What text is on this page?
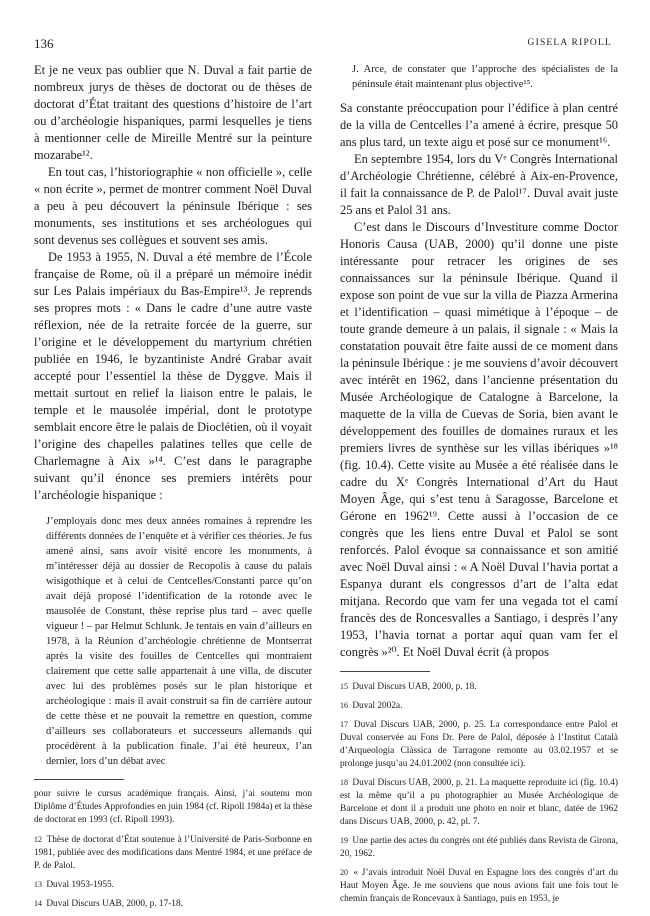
136	GISELA RIPOLL

Et je ne veux pas oublier que N. Duval a fait partie de nombreux jurys de thèses de doctorat ou de thèses de doctorat d’État traitant des questions d’histoire de l’art ou d’archéologie hispaniques, parmi lesquelles je tiens à mentionner celle de Mireille Mentré sur la peinture mozarabe¹².

En tout cas, l’historiographie « non officielle », celle « non écrite », permet de montrer comment Noël Duval a peu à peu découvert la péninsule Ibérique : ses monuments, ses institutions et ses archéologues qui sont devenus ses collègues et souvent ses amis.

De 1953 à 1955, N. Duval a été membre de l’École française de Rome, où il a préparé un mémoire inédit sur Les Palais impériaux du Bas-Empire¹³. Je reprends ses propres mots : « Dans le cadre d’une autre vaste réflexion, née de la retraite forcée de la guerre, sur l’origine et le développement du martyrium chrétien publiée en 1946, le byzantiniste André Grabar avait accepté pour l’essentiel la thèse de Dyggve. Mais il mettait surtout en relief la liaison entre le palais, le temple et le mausolée impérial, dont le prototype semblait encore être le palais de Dioclétien, où il voyait l’origine des chapelles palatines telles que celle de Charlemagne à Aix »¹⁴. C’est dans le paragraphe suivant qu’il énonce ses premiers intérêts pour l’archéologie hispanique :

J’employais donc mes deux années romaines à reprendre les différents données de l’enquête et à vérifier ces théories. Je fus amené ainsi, sans avoir visité encore les monuments, à m’intéresser déjà au dossier de Recopolis à cause du palais wisigothique et à celui de Centcelles/Constanti parce qu’on avait déjà proposé l’identification de la rotonde avec le mausolée de Constant, thèse reprise plus tard – avec quelle vigueur ! – par Helmut Schlunk. Je tentais en vain d’ailleurs en 1978, à la Réunion d’archéologie chrétienne de Montserrat après la visite des fouilles de Centcelles qui montraient clairement que cette salle appartenait à une villa, de discuter avec lui des problèmes posés sur le plan historique et archéologique : mais il avait construit sa fin de carrière autour de cette thèse et ne pouvait la remettre en question, comme d’ailleurs ses collaborateurs et successeurs allemands qui procédèrent à la publication finale. J’ai été heureux, l’an dernier, lors d’un débat avec

pour suivre le cursus académique français. Ainsi, j’ai soutenu mon Diplôme d’Études Approfondies en juin 1984 (cf. Ripoll 1984a) et la thèse de doctorat en 1993 (cf. Ripoll 1993).

12 Thèse de doctorat d’État soutenue à l’Université de Paris-Sorbonne en 1981, publiée avec des modifications dans Mentré 1984, et une préface de P. de Palol.

13 Duval 1953-1955.

14 Duval Discurs UAB, 2000, p. 17-18.

J. Arce, de constater que l’approche des spécialistes de la péninsule était maintenant plus objective¹⁵.

Sa constante préoccupation pour l’édifice à plan centré de la villa de Centcelles l’a amené à écrire, presque 50 ans plus tard, un texte aigu et posé sur ce monument¹⁶.

En septembre 1954, lors du Vᵉ Congrès International d’Archéologie Chrétienne, célébré à Aix-en-Provence, il fait la connaissance de P. de Palol¹⁷. Duval avait juste 25 ans et Palol 31 ans.

C’est dans le Discours d’Investiture comme Doctor Honoris Causa (UAB, 2000) qu’il donne une piste intéressante pour retracer les origines de ses connaissances sur la péninsule Ibérique. Quand il expose son point de vue sur la villa de Piazza Armerina et l’identification – quasi mimétique à l’époque – de toute grande demeure à un palais, il signale : « Mais la constatation pouvait être faite aussi de ce moment dans la péninsule Ibérique : je me souviens d’avoir découvert avec intérêt en 1962, dans l’ancienne présentation du Musée Archéologique de Catalogne à Barcelone, la maquette de la villa de Cuevas de Soria, bien avant le développement des fouilles de domaines ruraux et les premiers livres de synthèse sur les villas ibériques »¹⁸ (fig. 10.4). Cette visite au Musée a été réalisée dans le cadre du Xᵉ Congrès International d’Art du Haut Moyen Âge, qui s’est tenu à Saragosse, Barcelone et Gérone en 1962¹⁹. Cette aussi à l’occasion de ce congrès que les liens entre Duval et Palol se sont renforcés. Palol évoque sa connaissance et son amitié avec Noël Duval ainsi : « A Noël Duval l’havia portat a Espanya durant els congressos d’art de l’alta edat mitjana. Recordo que vam fer una vegada tot el camí francès des de Roncesvalles a Santiago, i desprès l’any 1953, l’havia tornat a portar aquí quan vam fer el congrès »²⁰. Et Noël Duval écrit (à propos

15 Duval Discurs UAB, 2000, p. 18.

16 Duval 2002a.

17 Duval Discurs UAB, 2000, p. 25. La correspondance entre Palol et Duval conservée au Fons Dr. Pere de Palol, déposée à l’Institut Català d’Arqueologia Clàssica de Tarragone remonte au 03.02.1957 et se prolonge jusqu’au 24.01.2002 (non consultée ici).

18 Duval Discurs UAB, 2000, p. 21. La maquette reproduite ici (fig. 10.4) est la même qu’il a pu photographier au Musée Archéologique de Barcelone et dont il a produit une photo en noir et blanc, datée de 1962 dans Discurs UAB, 2000, p. 42, pl. 7.

19 Une partie des actes du congrès ont été publiés dans Revista de Girona, 20, 1962.

20 « J’avais introduit Noël Duval en Espagne lors des congrès d’art du Haut Moyen Âge. Je me souviens que nous avions fait une fois tout le chemin français de Roncevaux à Santiago, puis en 1953, je
